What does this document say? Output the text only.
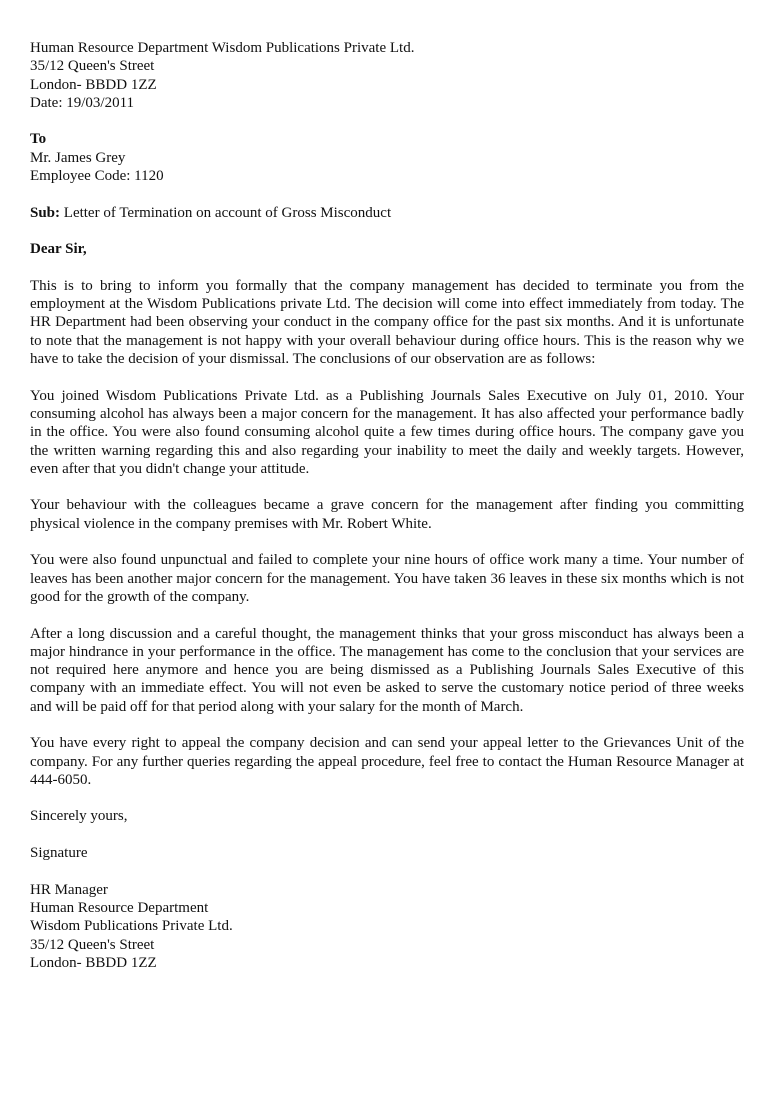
Human Resource Department Wisdom Publications Private Ltd.
35/12 Queen's Street
London- BBDD 1ZZ
Date: 19/03/2011
To
Mr. James Grey
Employee Code: 1120
Sub: Letter of Termination on account of Gross Misconduct
Dear Sir,

This is to bring to inform you formally that the company management has decided to terminate you from the employment at the Wisdom Publications private Ltd. The decision will come into effect immediately from today. The HR Department had been observing your conduct in the company office for the past six months. And it is unfortunate to note that the management is not happy with your overall behaviour during office hours. This is the reason why we have to take the decision of your dismissal. The conclusions of our observation are as follows:

You joined Wisdom Publications Private Ltd. as a Publishing Journals Sales Executive on July 01, 2010. Your consuming alcohol has always been a major concern for the management. It has also affected your performance badly in the office. You were also found consuming alcohol quite a few times during office hours. The company gave you the written warning regarding this and also regarding your inability to meet the daily and weekly targets. However, even after that you didn't change your attitude.

Your behaviour with the colleagues became a grave concern for the management after finding you committing physical violence in the company premises with Mr. Robert White.

You were also found unpunctual and failed to complete your nine hours of office work many a time. Your number of leaves has been another major concern for the management. You have taken 36 leaves in these six months which is not good for the growth of the company.

After a long discussion and a careful thought, the management thinks that your gross misconduct has always been a major hindrance in your performance in the office. The management has come to the conclusion that your services are not required here anymore and hence you are being dismissed as a Publishing Journals Sales Executive of this company with an immediate effect. You will not even be asked to serve the customary notice period of three weeks and will be paid off for that period along with your salary for the month of March.

You have every right to appeal the company decision and can send your appeal letter to the Grievances Unit of the company. For any further queries regarding the appeal procedure, feel free to contact the Human Resource Manager at 444-6050.

Sincerely yours,
Signature
HR Manager
Human Resource Department
Wisdom Publications Private Ltd.
35/12 Queen's Street
London- BBDD 1ZZ
